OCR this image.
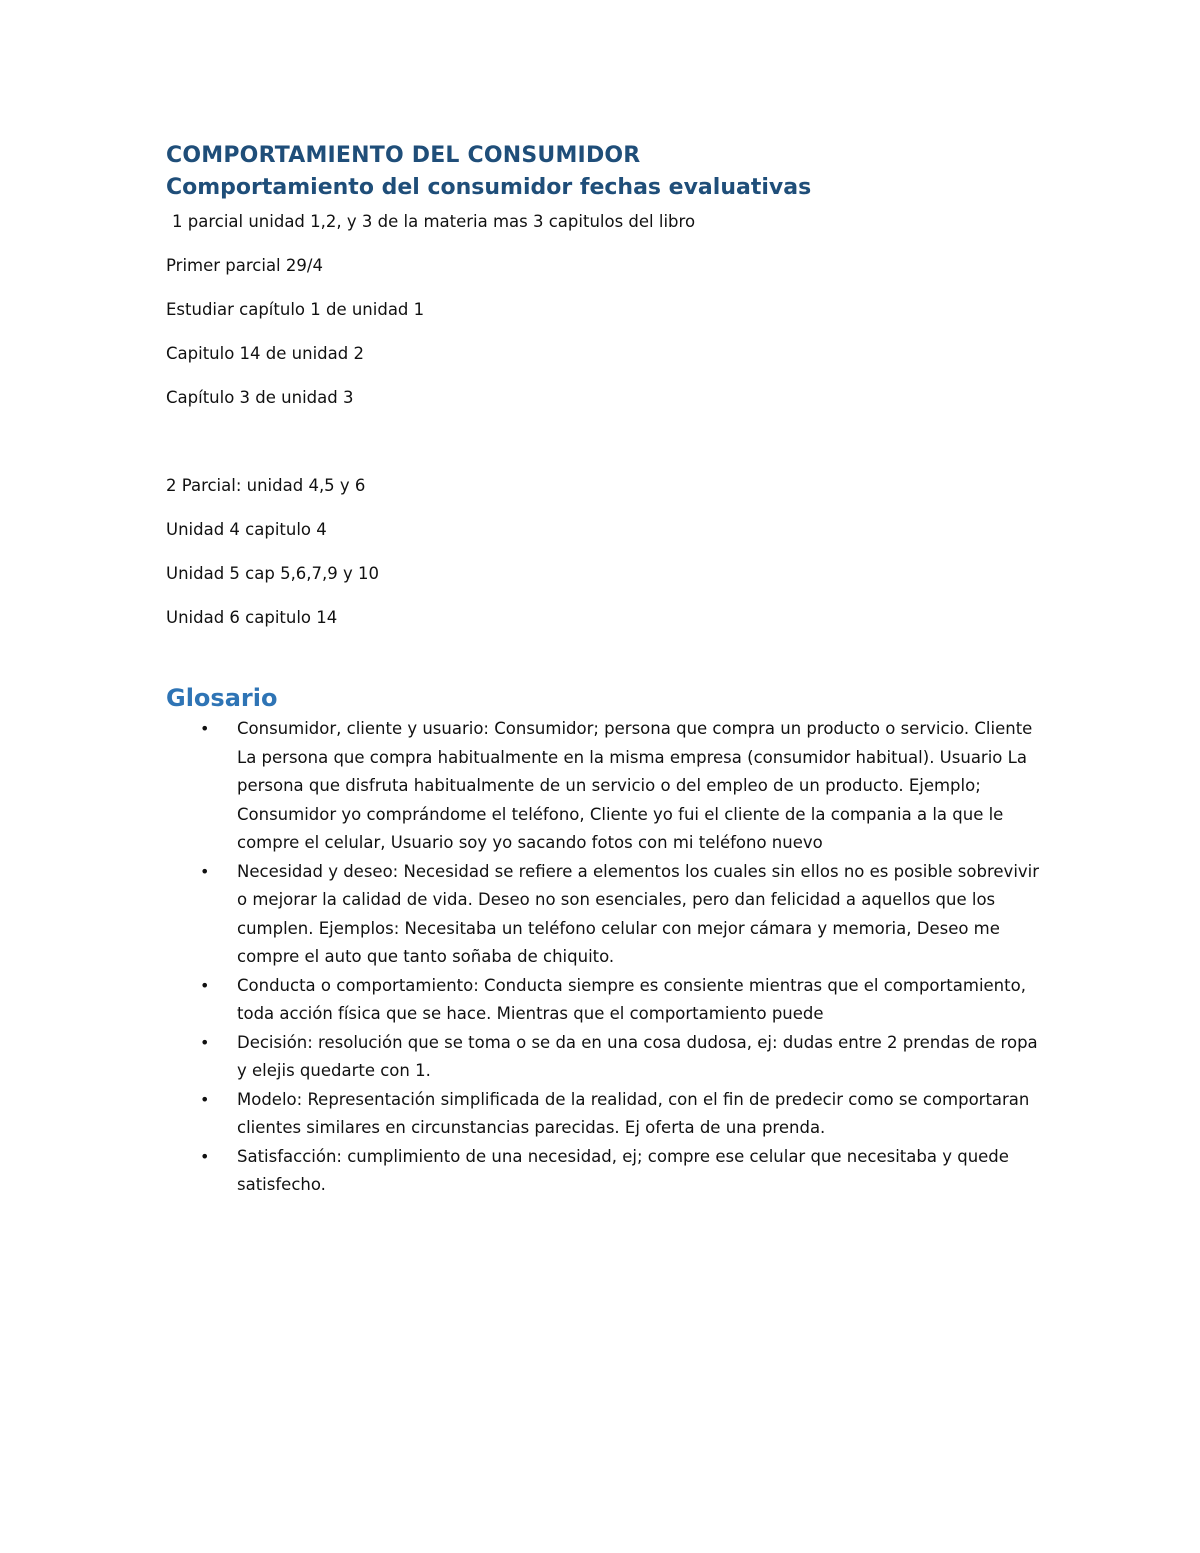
COMPORTAMIENTO DEL CONSUMIDOR
Comportamiento del consumidor fechas evaluativas

1 parcial unidad 1,2, y 3 de la materia mas 3 capitulos del libro

Primer parcial 29/4

Estudiar capítulo 1 de unidad 1

Capitulo 14 de unidad 2

Capítulo 3 de unidad 3

2 Parcial: unidad 4,5 y 6

Unidad 4 capitulo 4

Unidad 5 cap 5,6,7,9 y 10

Unidad 6 capitulo 14

Glosario
• Consumidor, cliente y usuario: Consumidor; persona que compra un producto o servicio. Cliente La persona que compra habitualmente en la misma empresa (consumidor habitual). Usuario La persona que disfruta habitualmente de un servicio o del empleo de un producto. Ejemplo; Consumidor yo comprándome el teléfono, Cliente yo fui el cliente de la compania a la que le compre el celular, Usuario soy yo sacando fotos con mi teléfono nuevo
• Necesidad y deseo: Necesidad se refiere a elementos los cuales sin ellos no es posible sobrevivir o mejorar la calidad de vida. Deseo no son esenciales, pero dan felicidad a aquellos que los cumplen. Ejemplos: Necesitaba un teléfono celular con mejor cámara y memoria, Deseo me compre el auto que tanto soñaba de chiquito.
• Conducta o comportamiento: Conducta siempre es consiente mientras que el comportamiento, toda acción física que se hace. Mientras que el comportamiento puede
• Decisión: resolución que se toma o se da en una cosa dudosa, ej: dudas entre 2 prendas de ropa y elejis quedarte con 1.
• Modelo: Representación simplificada de la realidad, con el fin de predecir como se comportaran clientes similares en circunstancias parecidas. Ej oferta de una prenda.
• Satisfacción: cumplimiento de una necesidad, ej; compre ese celular que necesitaba y quede satisfecho.
